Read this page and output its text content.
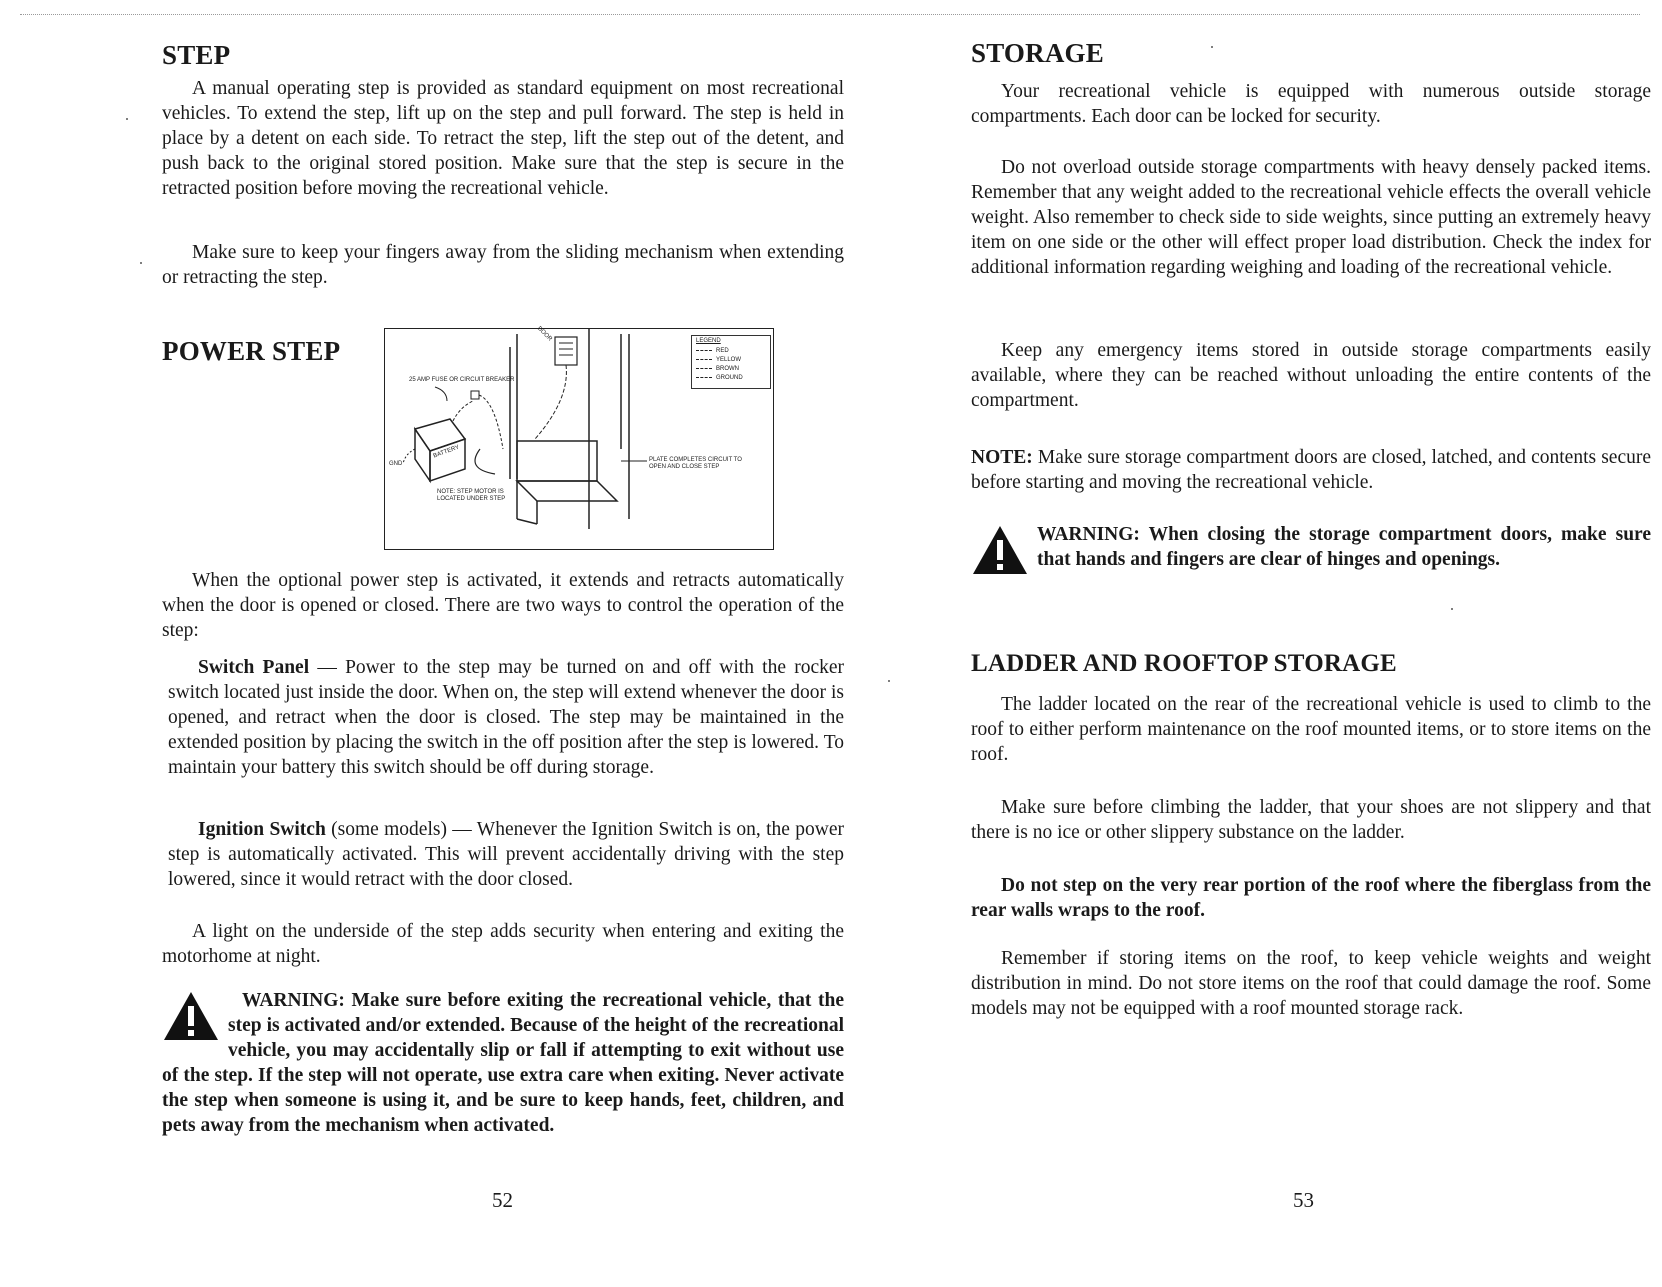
STEP

A manual operating step is provided as standard equipment on most recreational vehicles. To extend the step, lift up on the step and pull forward. The step is held in place by a detent on each side. To retract the step, lift the step out of the detent, and push back to the original stored position. Make sure that the step is secure in the retracted position before moving the recreational vehicle.

Make sure to keep your fingers away from the sliding mechanism when extending or retracting the step.

POWER STEP
25 AMP FUSE OR CIRCUIT BREAKER
GND
BATTERY
NOTE: STEP MOTOR IS LOCATED UNDER STEP
PLATE COMPLETES CIRCUIT TO OPEN AND CLOSE STEP
DOOR	LEGEND
RED
YELLOW
BROWN
GROUND

When the optional power step is activated, it extends and retracts automatically when the door is opened or closed. There are two ways to control the operation of the step:

Switch Panel — Power to the step may be turned on and off with the rocker switch located just inside the door. When on, the step will extend whenever the door is opened, and retract when the door is closed. The step may be maintained in the extended position by placing the switch in the off position after the step is lowered. To maintain your battery this switch should be off during storage.

Ignition Switch (some models) — Whenever the Ignition Switch is on, the power step is automatically activated. This will prevent accidentally driving with the step lowered, since it would retract with the door closed.

A light on the underside of the step adds security when entering and exiting the motorhome at night.

WARNING: Make sure before exiting the recreational vehicle, that the step is activated and/or extended. Because of the height of the recreational vehicle, you may accidentally slip or fall if attempting to exit without use of the step. If the step will not operate, use extra care when exiting. Never activate the step when someone is using it, and be sure to keep hands, feet, children, and pets away from the mechanism when activated.
52
STORAGE

Your recreational vehicle is equipped with numerous outside storage compartments. Each door can be locked for security.

Do not overload outside storage compartments with heavy densely packed items. Remember that any weight added to the recreational vehicle effects the overall vehicle weight. Also remember to check side to side weights, since putting an extremely heavy item on one side or the other will effect proper load distribution. Check the index for additional information regarding weighing and loading of the recreational vehicle.

Keep any emergency items stored in outside storage compartments easily available, where they can be reached without unloading the entire contents of the compartment.

NOTE: Make sure storage compartment doors are closed, latched, and contents secure before starting and moving the recreational vehicle.

WARNING: When closing the storage compartment doors, make sure that hands and fingers are clear of hinges and openings.
LADDER AND ROOFTOP STORAGE

The ladder located on the rear of the recreational vehicle is used to climb to the roof to either perform maintenance on the roof mounted items, or to store items on the roof.

Make sure before climbing the ladder, that your shoes are not slippery and that there is no ice or other slippery substance on the ladder.

Do not step on the very rear portion of the roof where the fiberglass from the rear walls wraps to the roof.

Remember if storing items on the roof, to keep vehicle weights and weight distribution in mind. Do not store items on the roof that could damage the roof. Some models may not be equipped with a roof mounted storage rack.

53
